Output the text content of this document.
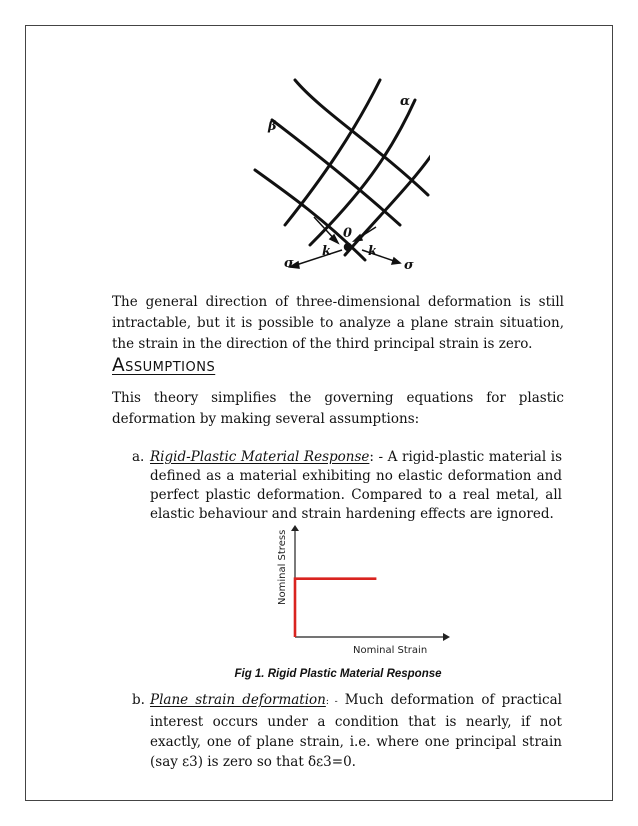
α
β
0
k	k
σ	σ
The general direction of three-dimensional deformation is still intractable, but it is possible to analyze a plane strain situation, the strain in the direction of the third principal strain is zero.
Assumptions
This theory simplifies the governing equations for plastic deformation by making several assumptions:
a. Rigid-Plastic Material Response: - A rigid-plastic material is defined as a material exhibiting no elastic deformation and perfect plastic deformation. Compared to a real metal, all elastic behaviour and strain hardening effects are ignored.
Nominal Strain
Nominal Stress
Fig 1. Rigid Plastic Material Response
b. Plane strain deformation: - Much deformation of practical interest occurs under a condition that is nearly, if not exactly, one of plane strain, i.e. where one principal strain (say ε3) is zero so that δε3=0.
